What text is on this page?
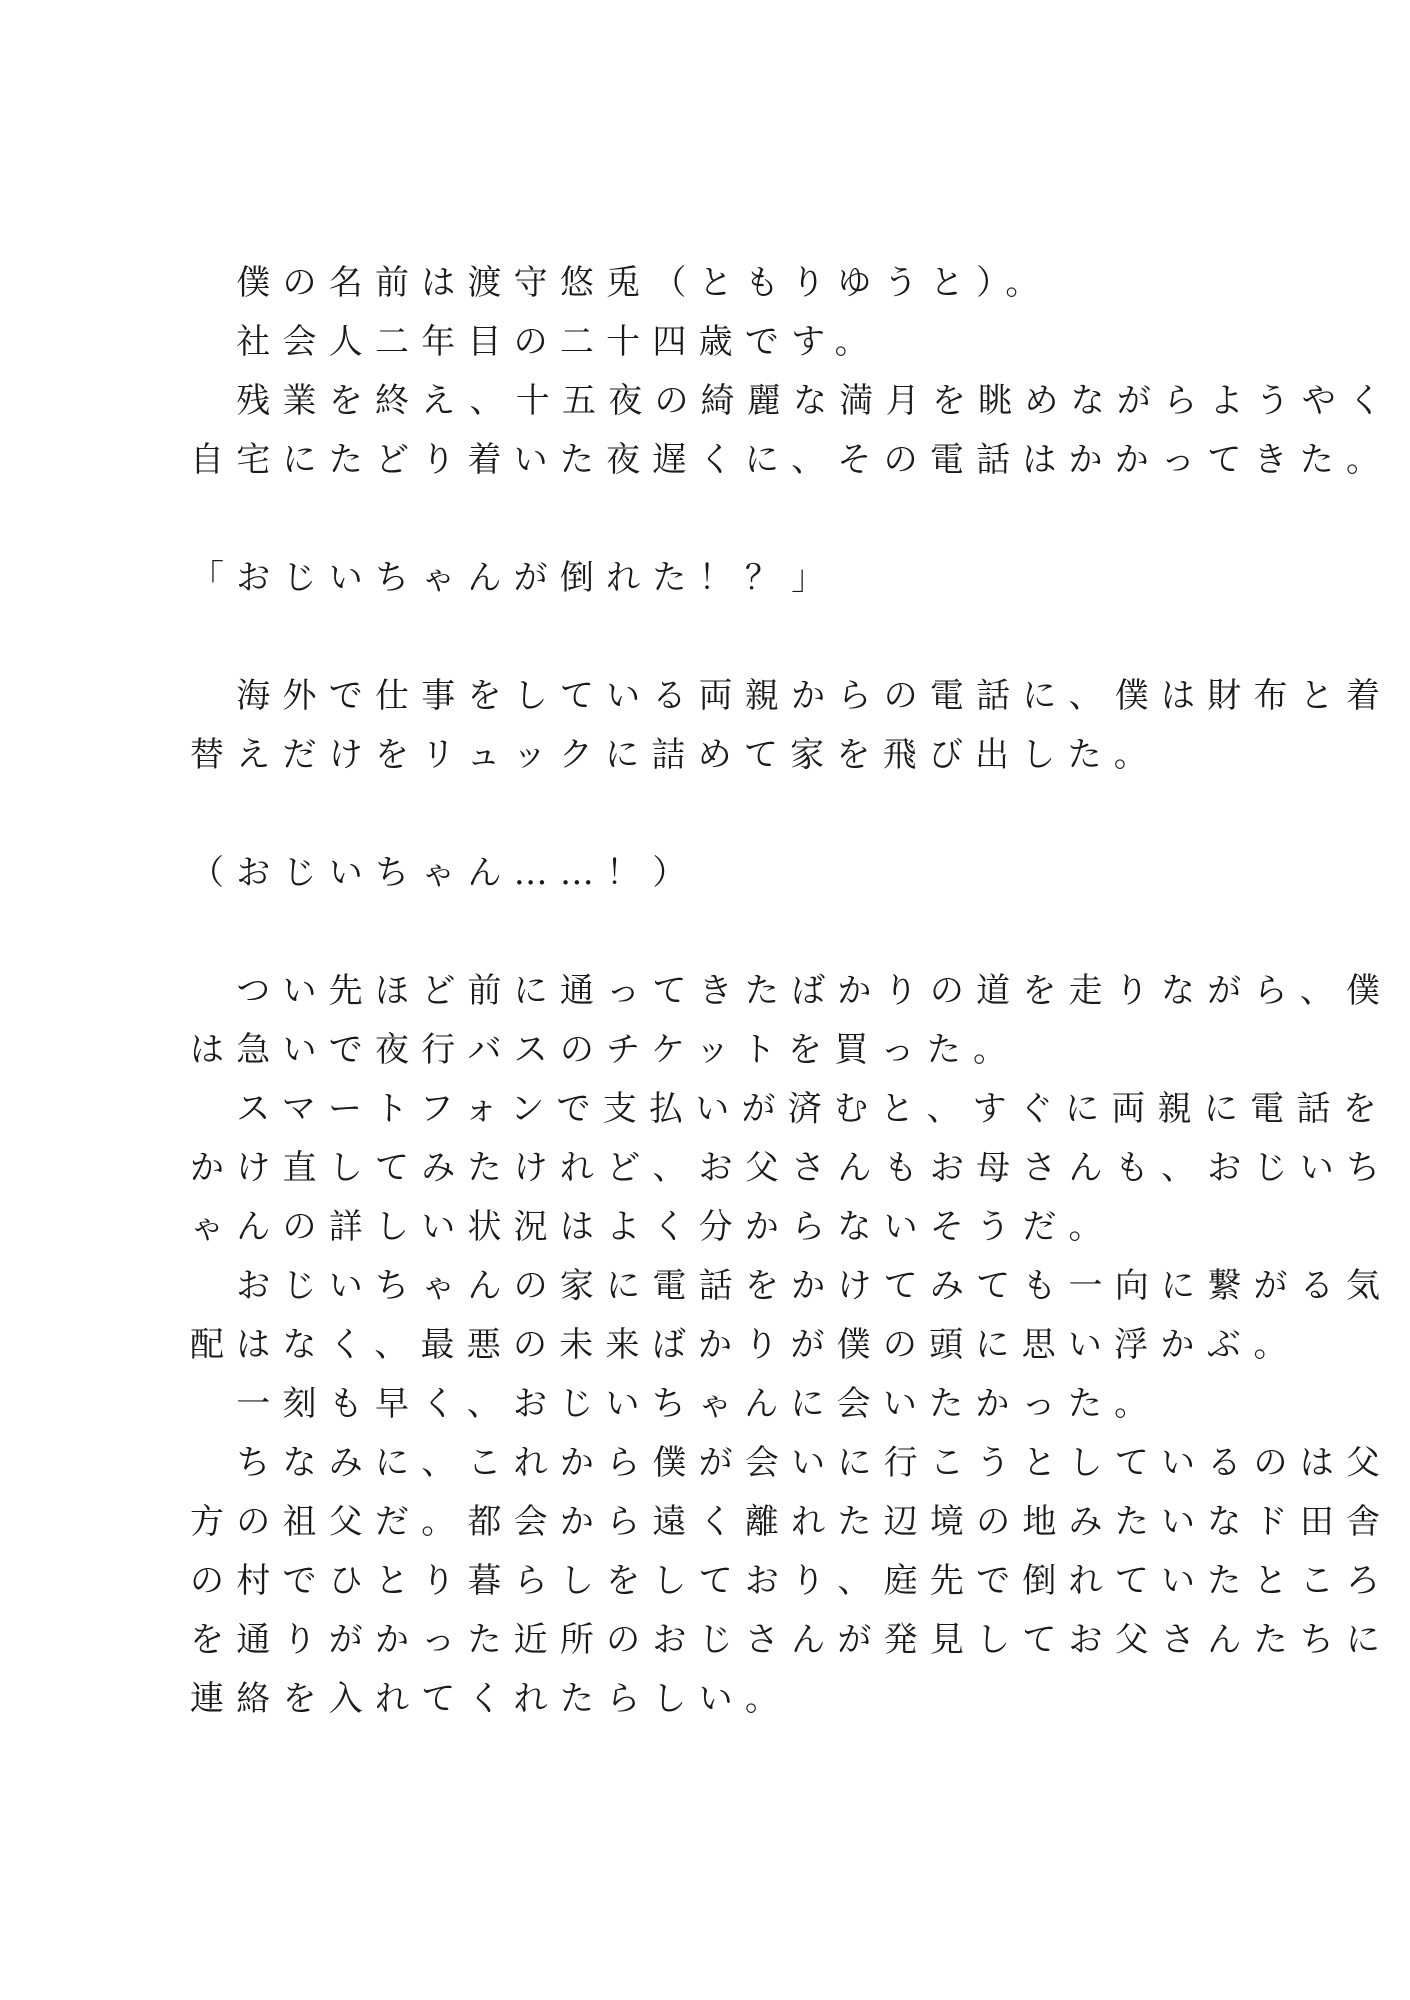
　僕の名前は渡守悠兎（ともりゆうと）。
　社会人二年目の二十四歳です。
　残業を終え、十五夜の綺麗な満月を眺めながらようやく
自宅にたどり着いた夜遅くに、その電話はかかってきた。
「おじいちゃんが倒れた！？」
　海外で仕事をしている両親からの電話に、僕は財布と着
替えだけをリュックに詰めて家を飛び出した。
（おじいちゃん……！）
　つい先ほど前に通ってきたばかりの道を走りながら、僕
は急いで夜行バスのチケットを買った。
　スマートフォンで支払いが済むと、すぐに両親に電話を
かけ直してみたけれど、お父さんもお母さんも、おじいち
ゃんの詳しい状況はよく分からないそうだ。
　おじいちゃんの家に電話をかけてみても一向に繋がる気
配はなく、最悪の未来ばかりが僕の頭に思い浮かぶ。
　一刻も早く、おじいちゃんに会いたかった。
　ちなみに、これから僕が会いに行こうとしているのは父
方の祖父だ。都会から遠く離れた辺境の地みたいなド田舎
の村でひとり暮らしをしており、庭先で倒れていたところ
を通りがかった近所のおじさんが発見してお父さんたちに
連絡を入れてくれたらしい。
